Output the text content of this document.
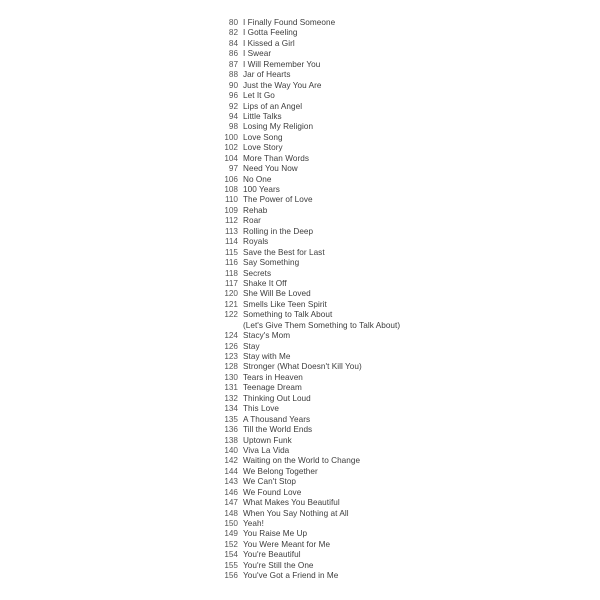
80 I Finally Found Someone
82 I Gotta Feeling
84 I Kissed a Girl
86 I Swear
87 I Will Remember You
88 Jar of Hearts
90 Just the Way You Are
96 Let It Go
92 Lips of an Angel
94 Little Talks
98 Losing My Religion
100 Love Song
102 Love Story
104 More Than Words
97 Need You Now
106 No One
108 100 Years
110 The Power of Love
109 Rehab
112 Roar
113 Rolling in the Deep
114 Royals
115 Save the Best for Last
116 Say Something
118 Secrets
117 Shake It Off
120 She Will Be Loved
121 Smells Like Teen Spirit
122 Something to Talk About
(Let's Give Them Something to Talk About)
124 Stacy's Mom
126 Stay
123 Stay with Me
128 Stronger (What Doesn't Kill You)
130 Tears in Heaven
131 Teenage Dream
132 Thinking Out Loud
134 This Love
135 A Thousand Years
136 Till the World Ends
138 Uptown Funk
140 Viva La Vida
142 Waiting on the World to Change
144 We Belong Together
143 We Can't Stop
146 We Found Love
147 What Makes You Beautiful
148 When You Say Nothing at All
150 Yeah!
149 You Raise Me Up
152 You Were Meant for Me
154 You're Beautiful
155 You're Still the One
156 You've Got a Friend in Me
